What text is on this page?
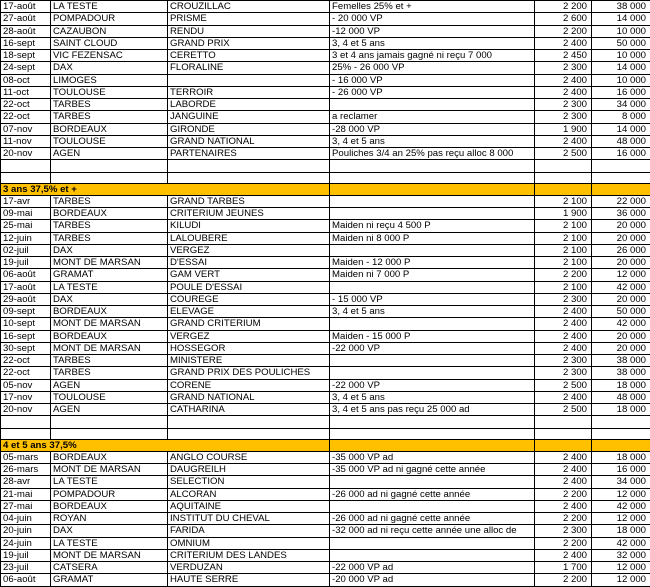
17-août	LA TESTE	CROUZILLAC	Femelles 25% et +	2 200	38 000
27-août	POMPADOUR	PRISME	- 20 000 VP	2 600	14 000
28-août	CAZAUBON	RENDU	-12 000 VP	2 200	10 000
16-sept	SAINT CLOUD	GRAND PRIX	3, 4 et 5 ans	2 400	50 000
18-sept	VIC FEZENSAC	CERETTO	3 et 4 ans jamais gagné ni reçu 7 000	2 450	10 000
24-sept	DAX	FLORALINE	25% - 26 000 VP	2 300	14 000
08-oct	LIMOGES		- 16 000 VP	2 400	10 000
11-oct	TOULOUSE	TERROIR	- 26 000 VP	2 400	16 000
22-oct	TARBES	LABORDE		2 300	34 000
22-oct	TARBES	JANGUINE	a reclamer	2 300	8 000
07-nov	BORDEAUX	GIRONDE	-28 000 VP	1 900	14 000
11-nov	TOULOUSE	GRAND NATIONAL	3, 4 et 5 ans	2 400	48 000
20-nov	AGEN	PARTENAIRES	Pouliches 3/4 an 25% pas reçu alloc 8 000	2 500	16 000

3 ans 37,5% et +					
17-avr	TARBES	GRAND TARBES		2 100	22 000
09-mai	BORDEAUX	CRITERIUM JEUNES		1 900	36 000
25-mai	TARBES	KILUDI	Maiden ni reçu 4 500 P	2 100	20 000
12-juin	TARBES	LALOUBERE	Maiden ni 8 000 P	2 100	20 000
02-juil	DAX	VERGEZ		2 100	26 000
19-juil	MONT DE MARSAN	D'ESSAI	Maiden - 12 000 P	2 100	20 000
06-août	GRAMAT	GAM VERT	Maiden ni 7 000 P	2 200	12 000
17-août	LA TESTE	POULE D'ESSAI		2 100	42 000
29-août	DAX	COUREGE	- 15 000 VP	2 300	20 000
09-sept	BORDEAUX	ELEVAGE	3, 4 et 5 ans	2 400	50 000
10-sept	MONT DE MARSAN	GRAND CRITERIUM		2 400	42 000
16-sept	BORDEAUX	VERGEZ	Maiden - 15 000 P	2 400	20 000
30-sept	MONT DE MARSAN	HOSSEGOR	-22 000 VP	2 400	20 000
22-oct	TARBES	MINISTERE		2 300	38 000
22-oct	TARBES	GRAND PRIX DES POULICHES		2 300	38 000
05-nov	AGEN	CORENE	-22 000 VP	2 500	18 000
17-nov	TOULOUSE	GRAND NATIONAL	3, 4 et 5 ans	2 400	48 000
20-nov	AGEN	CATHARINA	3, 4 et 5 ans pas reçu 25 000 ad	2 500	18 000

4 et 5 ans 37,5%					
05-mars	BORDEAUX	ANGLO COURSE	-35 000 VP ad	2 400	18 000
26-mars	MONT DE MARSAN	DAUGREILH	-35 000 VP ad ni gagné cette année	2 400	16 000
28-avr	LA TESTE	SELECTION		2 400	34 000
21-mai	POMPADOUR	ALCORAN	-26 000 ad ni gagné cette année	2 200	12 000
27-mai	BORDEAUX	AQUITAINE		2 400	42 000
04-juin	ROYAN	INSTITUT DU CHEVAL	-26 000 ad ni gagné cette année	2 200	12 000
20-juin	DAX	FARIDA	-32 000 ad ni reçu cette année une alloc de	2 300	18 000
24-juin	LA TESTE	OMNIUM		2 200	42 000
19-juil	MONT DE MARSAN	CRITERIUM DES LANDES		2 400	32 000
23-juil	CATSERA	VERDUZAN	-22 000 VP ad	1 700	12 000
06-août	GRAMAT	HAUTE SERRE	-20 000 VP ad	2 200	12 000
